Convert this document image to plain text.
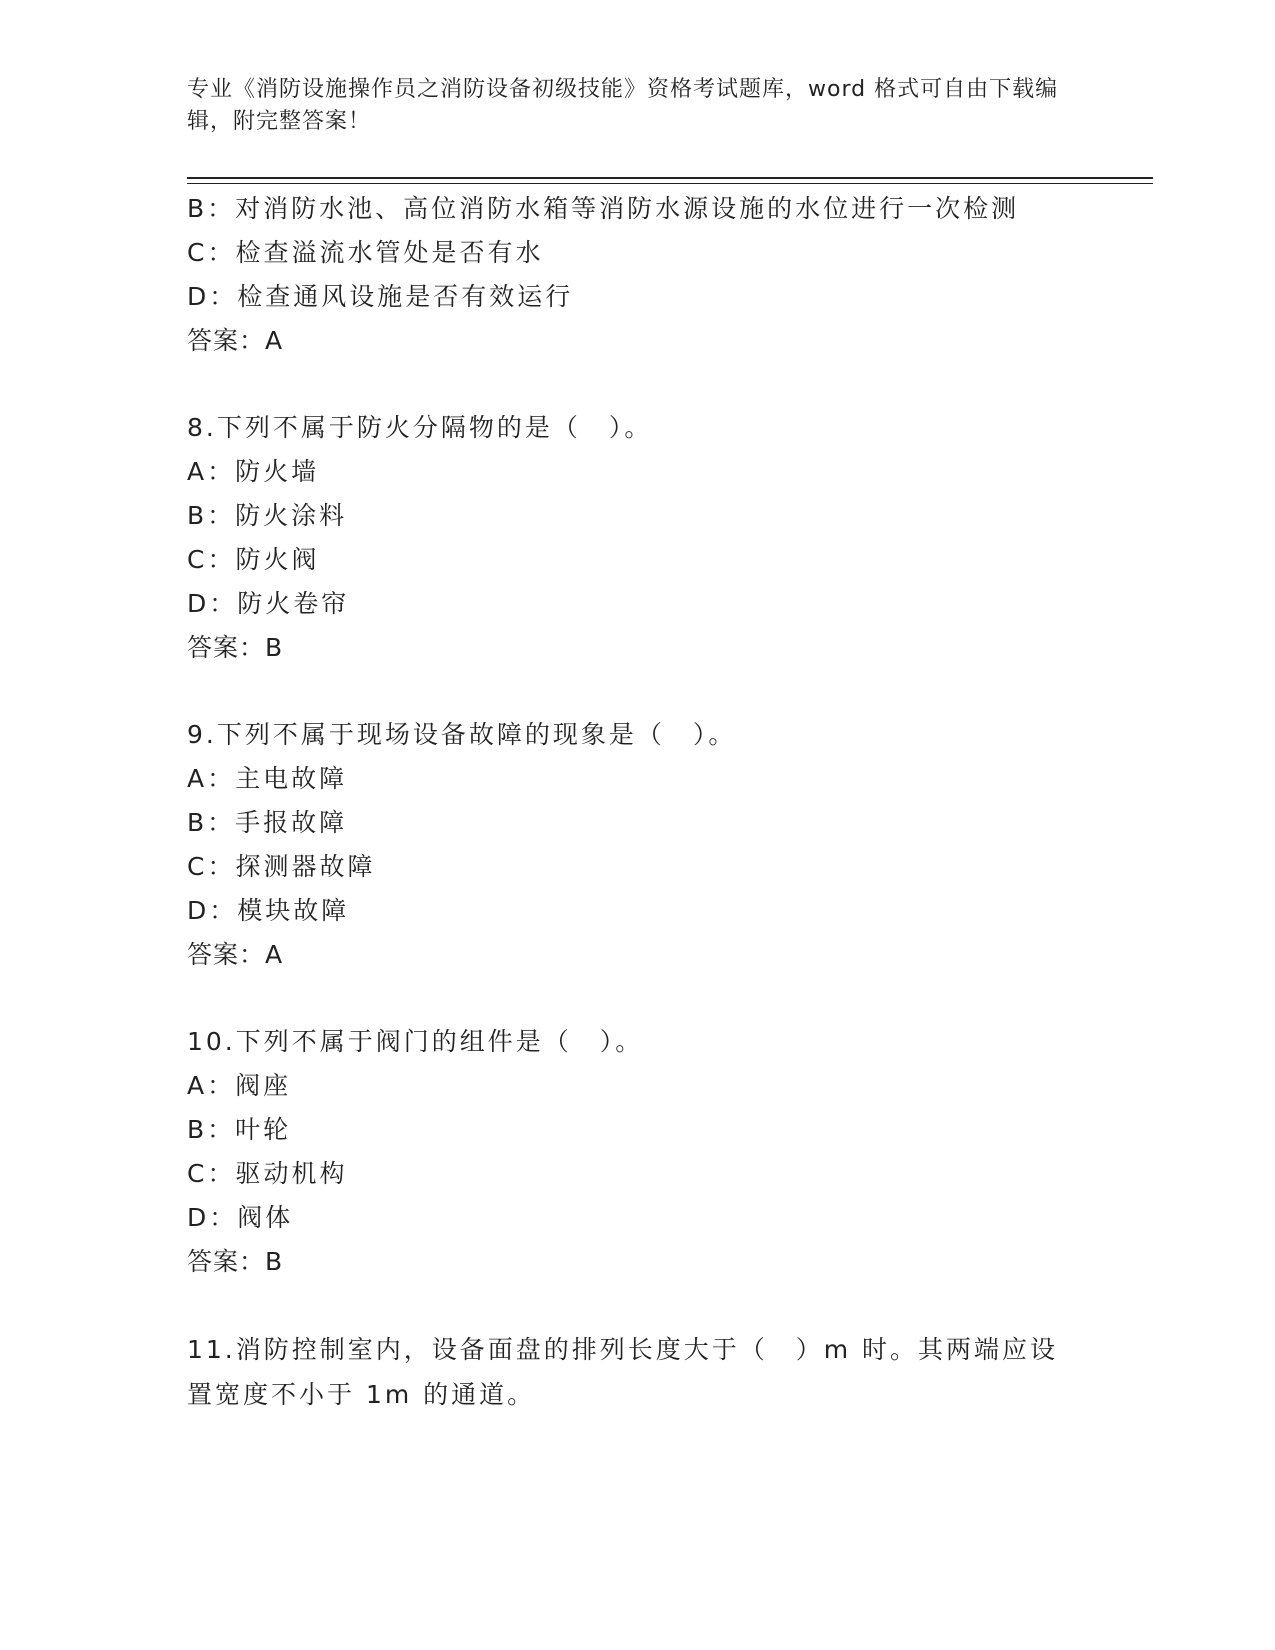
专业《消防设施操作员之消防设备初级技能》资格考试题库，word 格式可自由下载编辑，附完整答案！
B：对消防水池、高位消防水箱等消防水源设施的水位进行一次检测
C：检查溢流水管处是否有水
D：检查通风设施是否有效运行
答案：A
8.下列不属于防火分隔物的是（　）。
A：防火墙
B：防火涂料
C：防火阀
D：防火卷帘
答案：B
9.下列不属于现场设备故障的现象是（　）。
A：主电故障
B：手报故障
C：探测器故障
D：模块故障
答案：A
10.下列不属于阀门的组件是（　）。
A：阀座
B：叶轮
C：驱动机构
D：阀体
答案：B
11.消防控制室内，设备面盘的排列长度大于（　）m 时。其两端应设置宽度不小于 1m 的通道。
